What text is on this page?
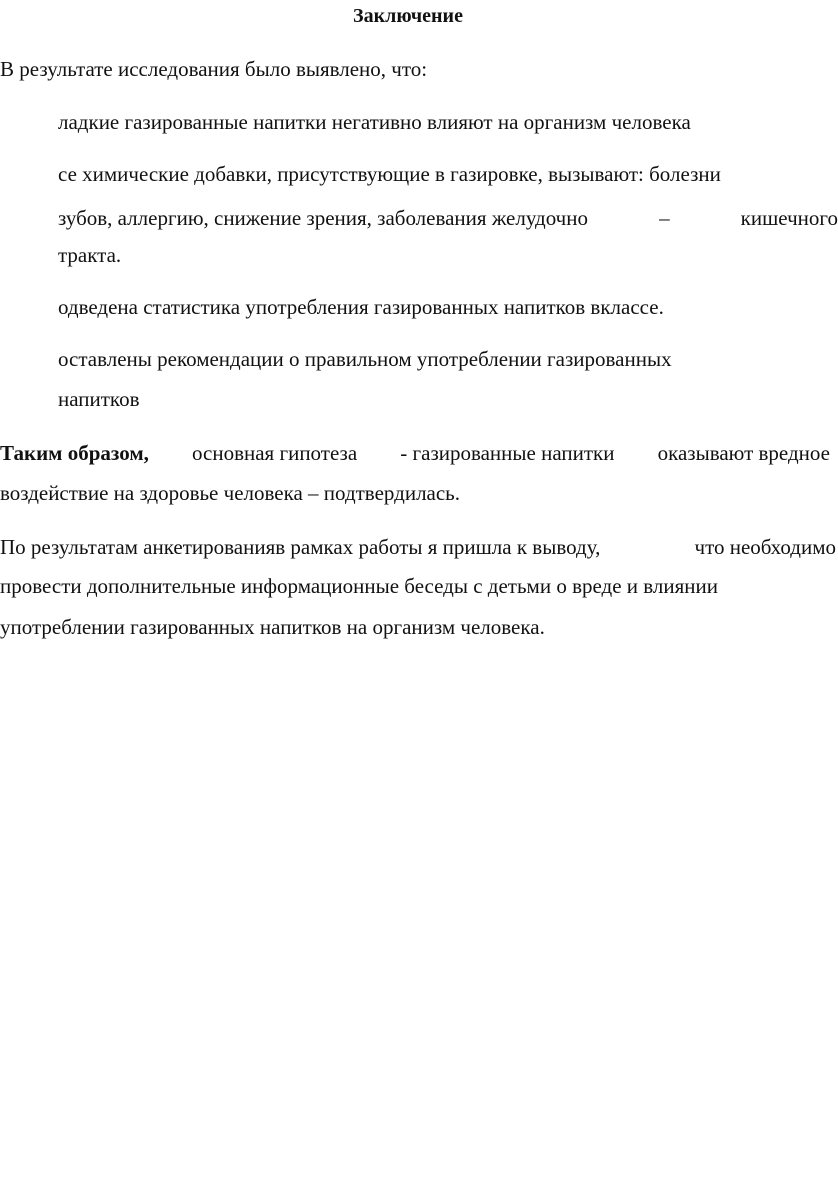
Заключение
В результате исследования было выявлено, что:
ладкие газированные напитки негативно влияют на организм человека
се химические добавки, присутствующие в газировке, вызывают: болезни
зубов, аллергию, снижение зрения, заболевания желудочно	–	кишечного
тракта.
одведена статистика употребления газированных напитков вклассе.
оставлены рекомендации о правильном употреблении газированных
напитков
Таким образом, основная гипотеза - газированные напитки оказывают вредное
воздействие на здоровье человека – подтвердилась.
По результатам анкетированияв рамках работы я пришла к выводу,	что необходимо
провести дополнительные информационные беседы с детьми о вреде и влиянии
употреблении газированных напитков на организм человека.
